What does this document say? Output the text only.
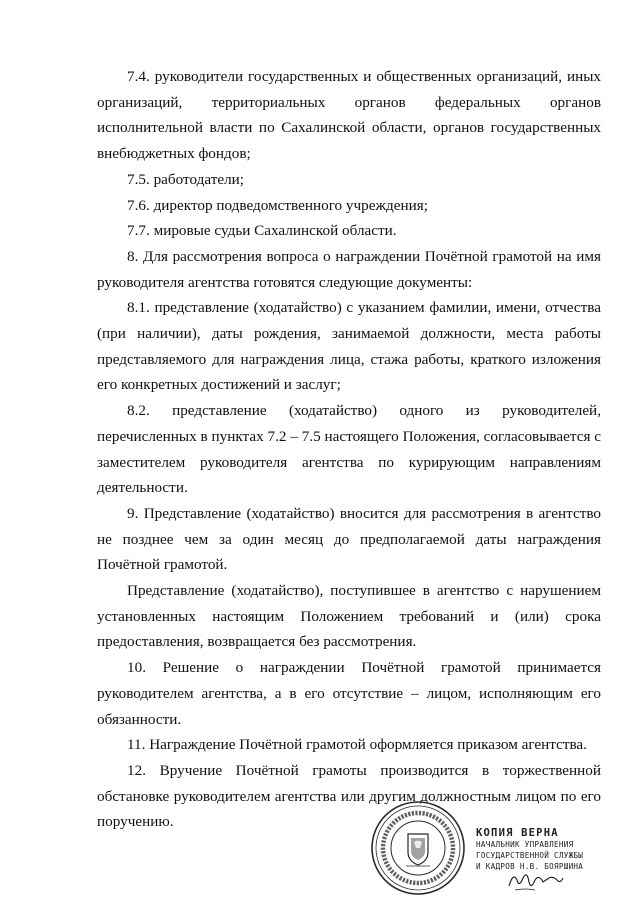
7.4. руководители государственных и общественных организаций, иных организаций, территориальных органов федеральных органов исполнительной власти по Сахалинской области, органов государственных внебюджетных фондов;

7.5. работодатели;

7.6. директор подведомственного учреждения;

7.7. мировые судьи Сахалинской области.

8. Для рассмотрения вопроса о награждении Почётной грамотой на имя руководителя агентства готовятся следующие документы:

8.1. представление (ходатайство) с указанием фамилии, имени, отчества (при наличии), даты рождения, занимаемой должности, места работы представляемого для награждения лица, стажа работы, краткого изложения его конкретных достижений и заслуг;

8.2. представление (ходатайство) одного из руководителей, перечисленных в пунктах 7.2 – 7.5 настоящего Положения, согласовывается с заместителем руководителя агентства по курирующим направлениям деятельности.

9. Представление (ходатайство) вносится для рассмотрения в агентство не позднее чем за один месяц до предполагаемой даты награждения Почётной грамотой.

Представление (ходатайство), поступившее в агентство с нарушением установленных настоящим Положением требований и (или) срока предоставления, возвращается без рассмотрения.

10. Решение о награждении Почётной грамотой принимается руководителем агентства, а в его отсутствие – лицом, исполняющим его обязанности.

11. Награждение Почётной грамотой оформляется приказом агентства.

12. Вручение Почётной грамоты производится в торжественной обстановке руководителем агентства или другим должностным лицом по его поручению.

КОПИЯ ВЕРНА
НАЧАЛЬНИК УПРАВЛЕНИЯ
ГОСУДАРСТВЕННОЙ СЛУЖБЫ
И КАДРОВ Н.В. БОЯРШИНА
